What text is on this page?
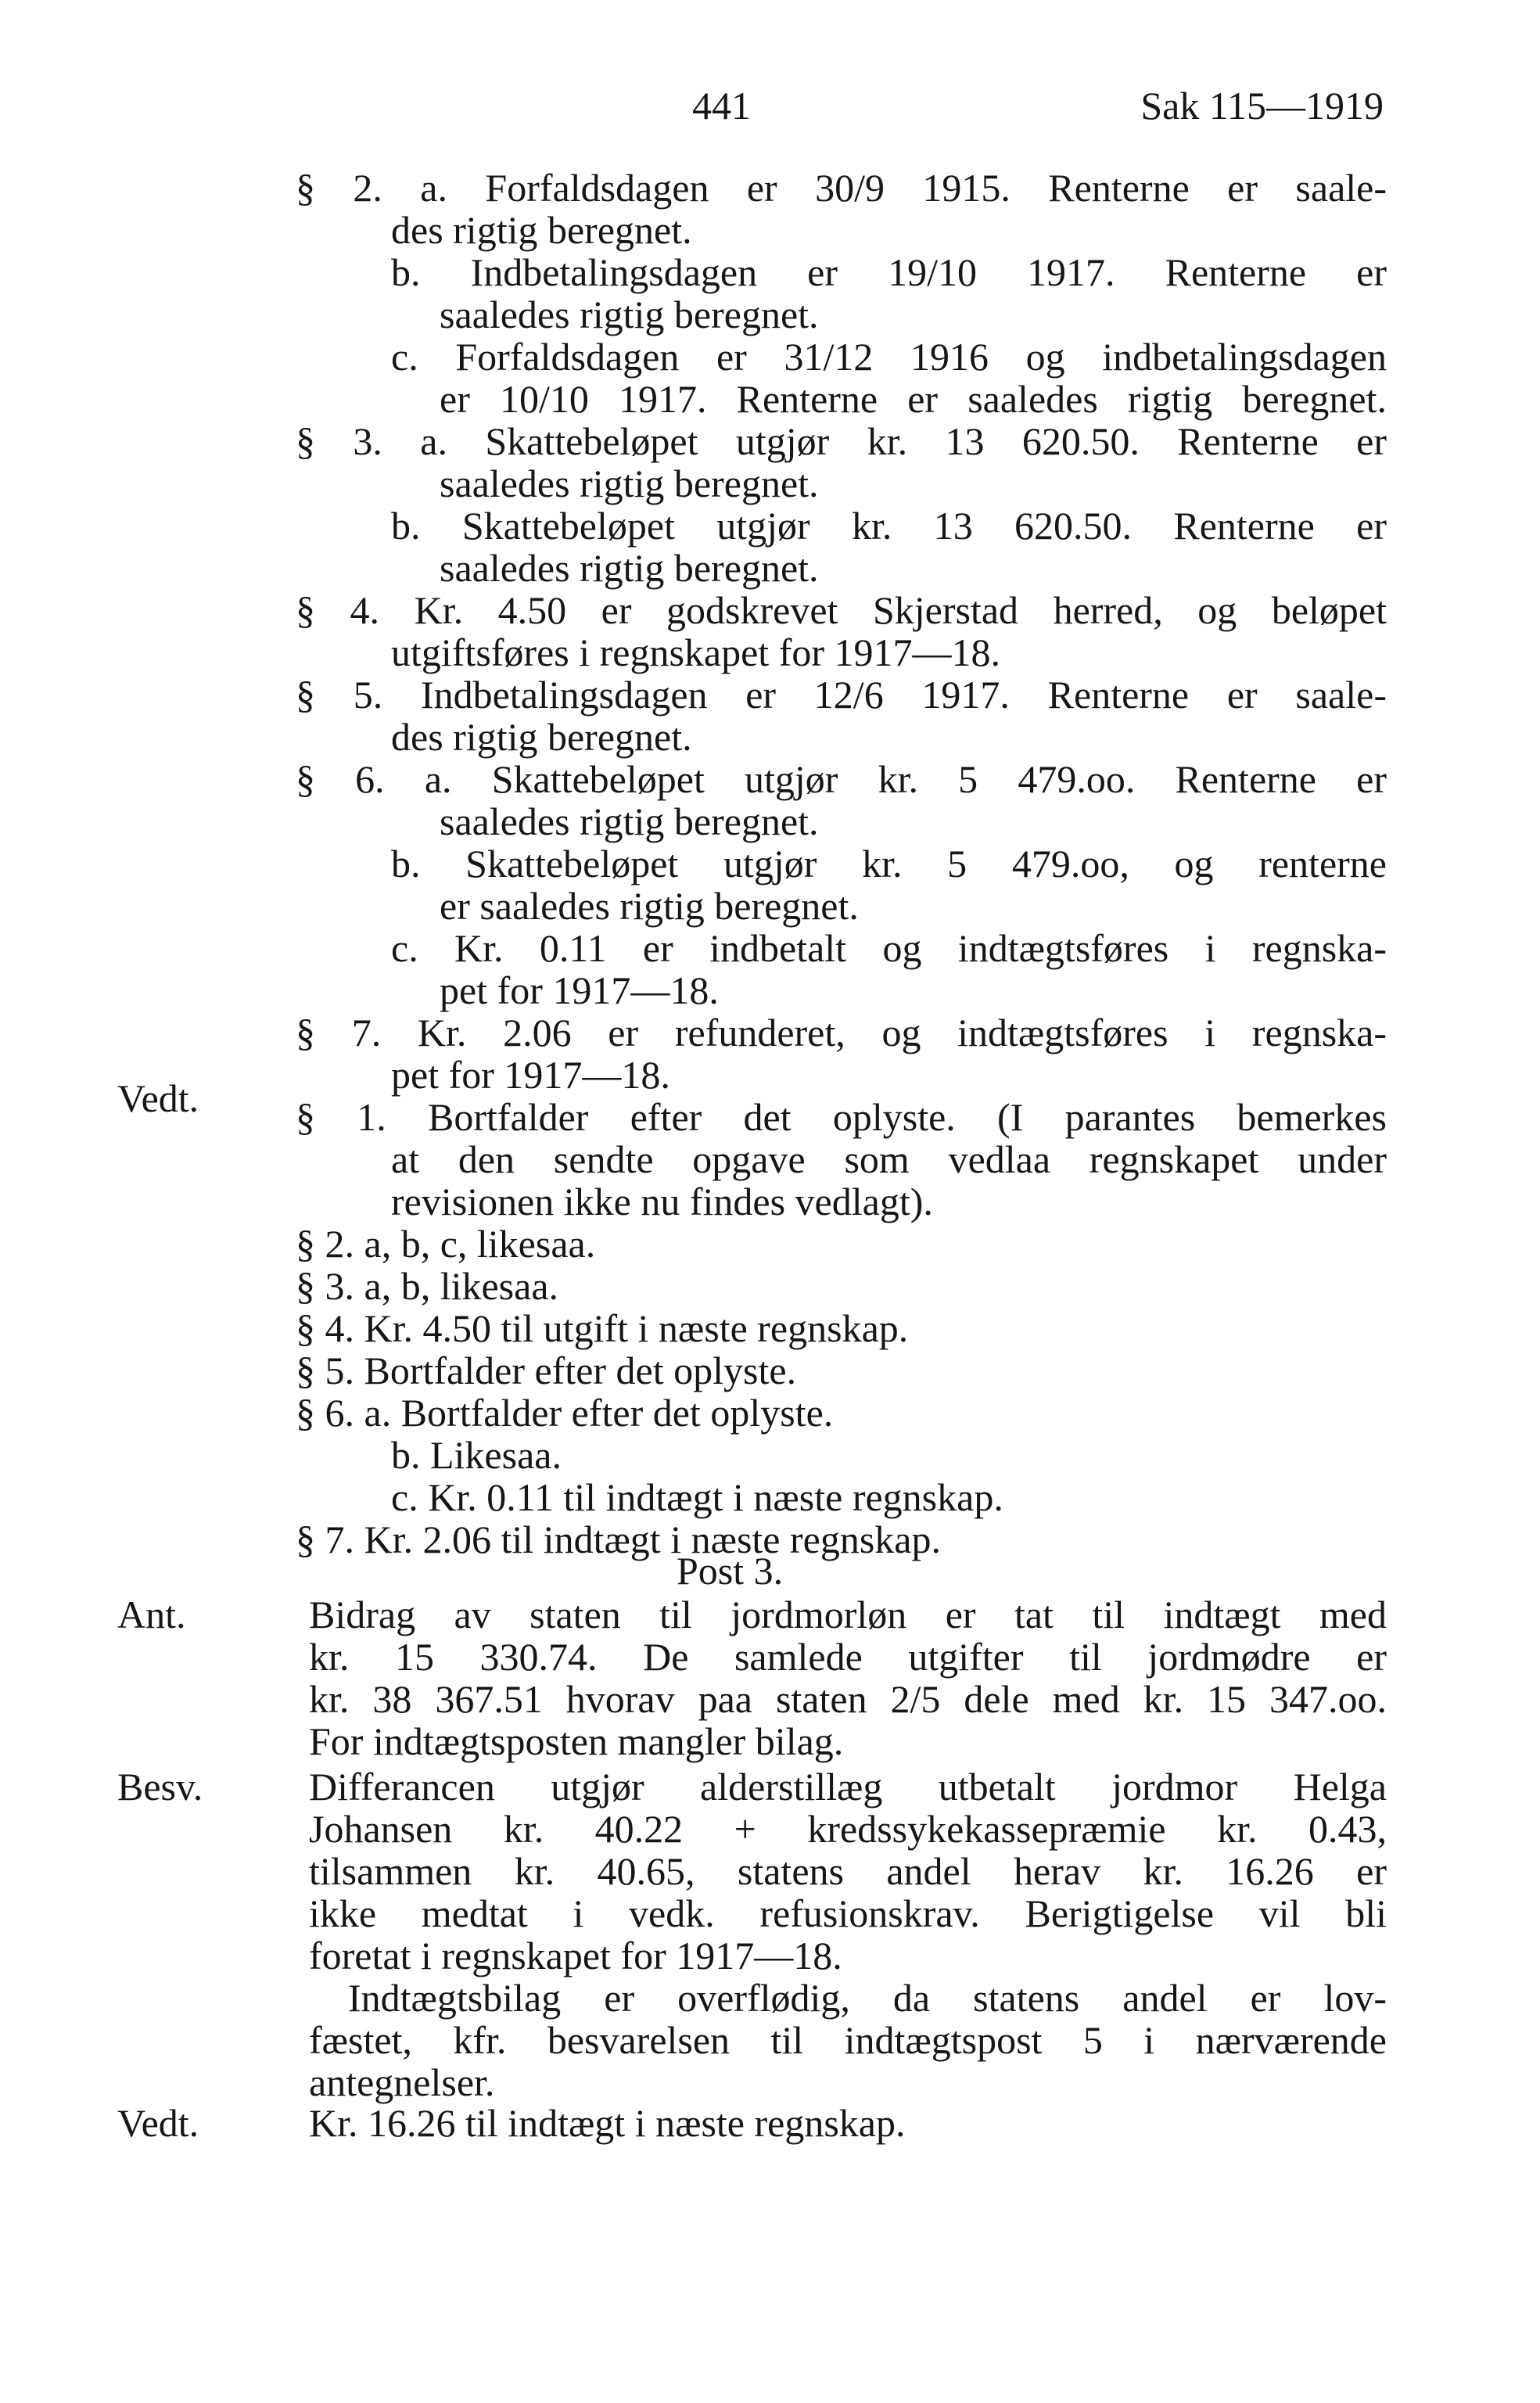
441	Sak 115—1919
Vedt.
Ant.
Besv.
Vedt.
§ 2. a. Forfaldsdagen er 30/9 1915. Renterne er saale-
des rigtig beregnet.
b. Indbetalingsdagen er 19/10 1917. Renterne er
saaledes rigtig beregnet.
c. Forfaldsdagen er 31/12 1916 og indbetalingsdagen
er 10/10 1917. Renterne er saaledes rigtig beregnet.
§ 3. a. Skattebeløpet utgjør kr. 13 620.50. Renterne er
saaledes rigtig beregnet.
b. Skattebeløpet utgjør kr. 13 620.50. Renterne er
saaledes rigtig beregnet.
§ 4. Kr. 4.50 er godskrevet Skjerstad herred, og beløpet
utgiftsføres i regnskapet for 1917—18.
§ 5. Indbetalingsdagen er 12/6 1917. Renterne er saale-
des rigtig beregnet.
§ 6. a. Skattebeløpet utgjør kr. 5 479.oo. Renterne er
saaledes rigtig beregnet.
b. Skattebeløpet utgjør kr. 5 479.oo, og renterne
er saaledes rigtig beregnet.
c. Kr. 0.11 er indbetalt og indtægtsføres i regnska-
pet for 1917—18.
§ 7. Kr. 2.06 er refunderet, og indtægtsføres i regnska-
pet for 1917—18.
§ 1. Bortfalder efter det oplyste. (I parantes bemerkes
at den sendte opgave som vedlaa regnskapet under
revisionen ikke nu findes vedlagt).
§ 2. a, b, c, likesaa.
§ 3. a, b, likesaa.
§ 4. Kr. 4.50 til utgift i næste regnskap.
§ 5. Bortfalder efter det oplyste.
§ 6. a. Bortfalder efter det oplyste.
b. Likesaa.
c. Kr. 0.11 til indtægt i næste regnskap.
§ 7. Kr. 2.06 til indtægt i næste regnskap.
Post 3.
Bidrag av staten til jordmorløn er tat til indtægt med
kr. 15 330.74. De samlede utgifter til jordmødre er
kr. 38 367.51 hvorav paa staten 2/5 dele med kr. 15 347.oo.
For indtægtsposten mangler bilag.
Differancen utgjør alderstillæg utbetalt jordmor Helga
Johansen kr. 40.22 + kredssykekassepræmie kr. 0.43,
tilsammen kr. 40.65, statens andel herav kr. 16.26 er
ikke medtat i vedk. refusionskrav. Berigtigelse vil bli
foretat i regnskapet for 1917—18.
Indtægtsbilag er overflødig, da statens andel er lov-
fæstet, kfr. besvarelsen til indtægtspost 5 i nærværende
antegnelser.
Kr. 16.26 til indtægt i næste regnskap.
